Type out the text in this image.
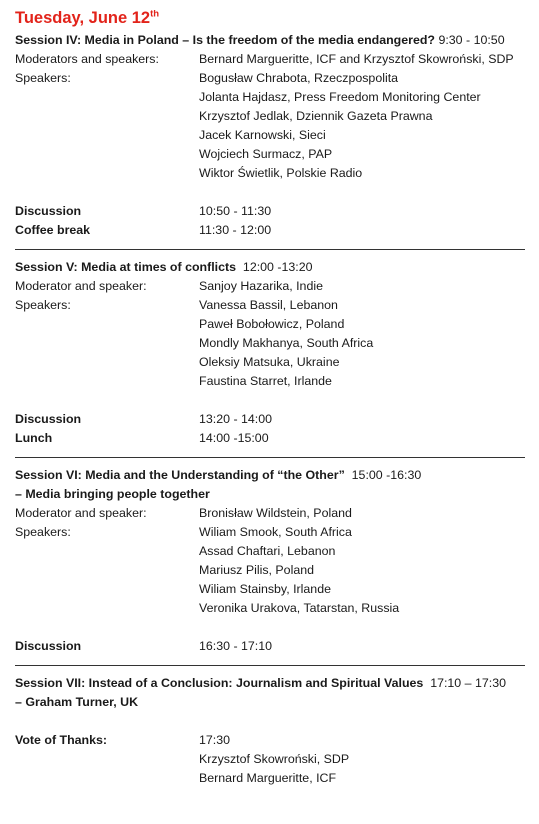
Tuesday, June 12th
Session IV: Media in Poland – Is the freedom of the media endangered? 9:30 - 10:50
Moderators and speakers:	Bernard Margueritte, ICF and Krzysztof Skowroński, SDP
Speakers:	Bogusław Chrabota, Rzeczpospolita
Jolanta Hajdasz, Press Freedom Monitoring Center
Krzysztof Jedlak, Dziennik Gazeta Prawna
Jacek Karnowski, Sieci
Wojciech Surmacz, PAP
Wiktor Świetlik, Polskie Radio
Discussion	10:50 - 11:30
Coffee break	11:30 - 12:00
Session V: Media at times of conflicts 12:00 -13:20
Moderator and speaker:	Sanjoy Hazarika, Indie
Speakers:	Vanessa Bassil, Lebanon
Paweł Bobołowicz, Poland
Mondly Makhanya, South Africa
Oleksiy Matsuka, Ukraine
Faustina Starret, Irlande
Discussion	13:20 - 14:00
Lunch	14:00 -15:00
Session VI: Media and the Understanding of “the Other” 15:00 -16:30
– Media bringing people together
Moderator and speaker:	Bronisław Wildstein, Poland
Speakers:	Wiliam Smook, South Africa
Assad Chaftari, Lebanon
Mariusz Pilis, Poland
Wiliam Stainsby, Irlande
Veronika Urakova, Tatarstan, Russia
Discussion	16:30 - 17:10
Session VII: Instead of a Conclusion: Journalism and Spiritual Values 17:10 – 17:30
– Graham Turner, UK
Vote of Thanks:	17:30
Krzysztof Skowroński, SDP
Bernard Margueritte, ICF
